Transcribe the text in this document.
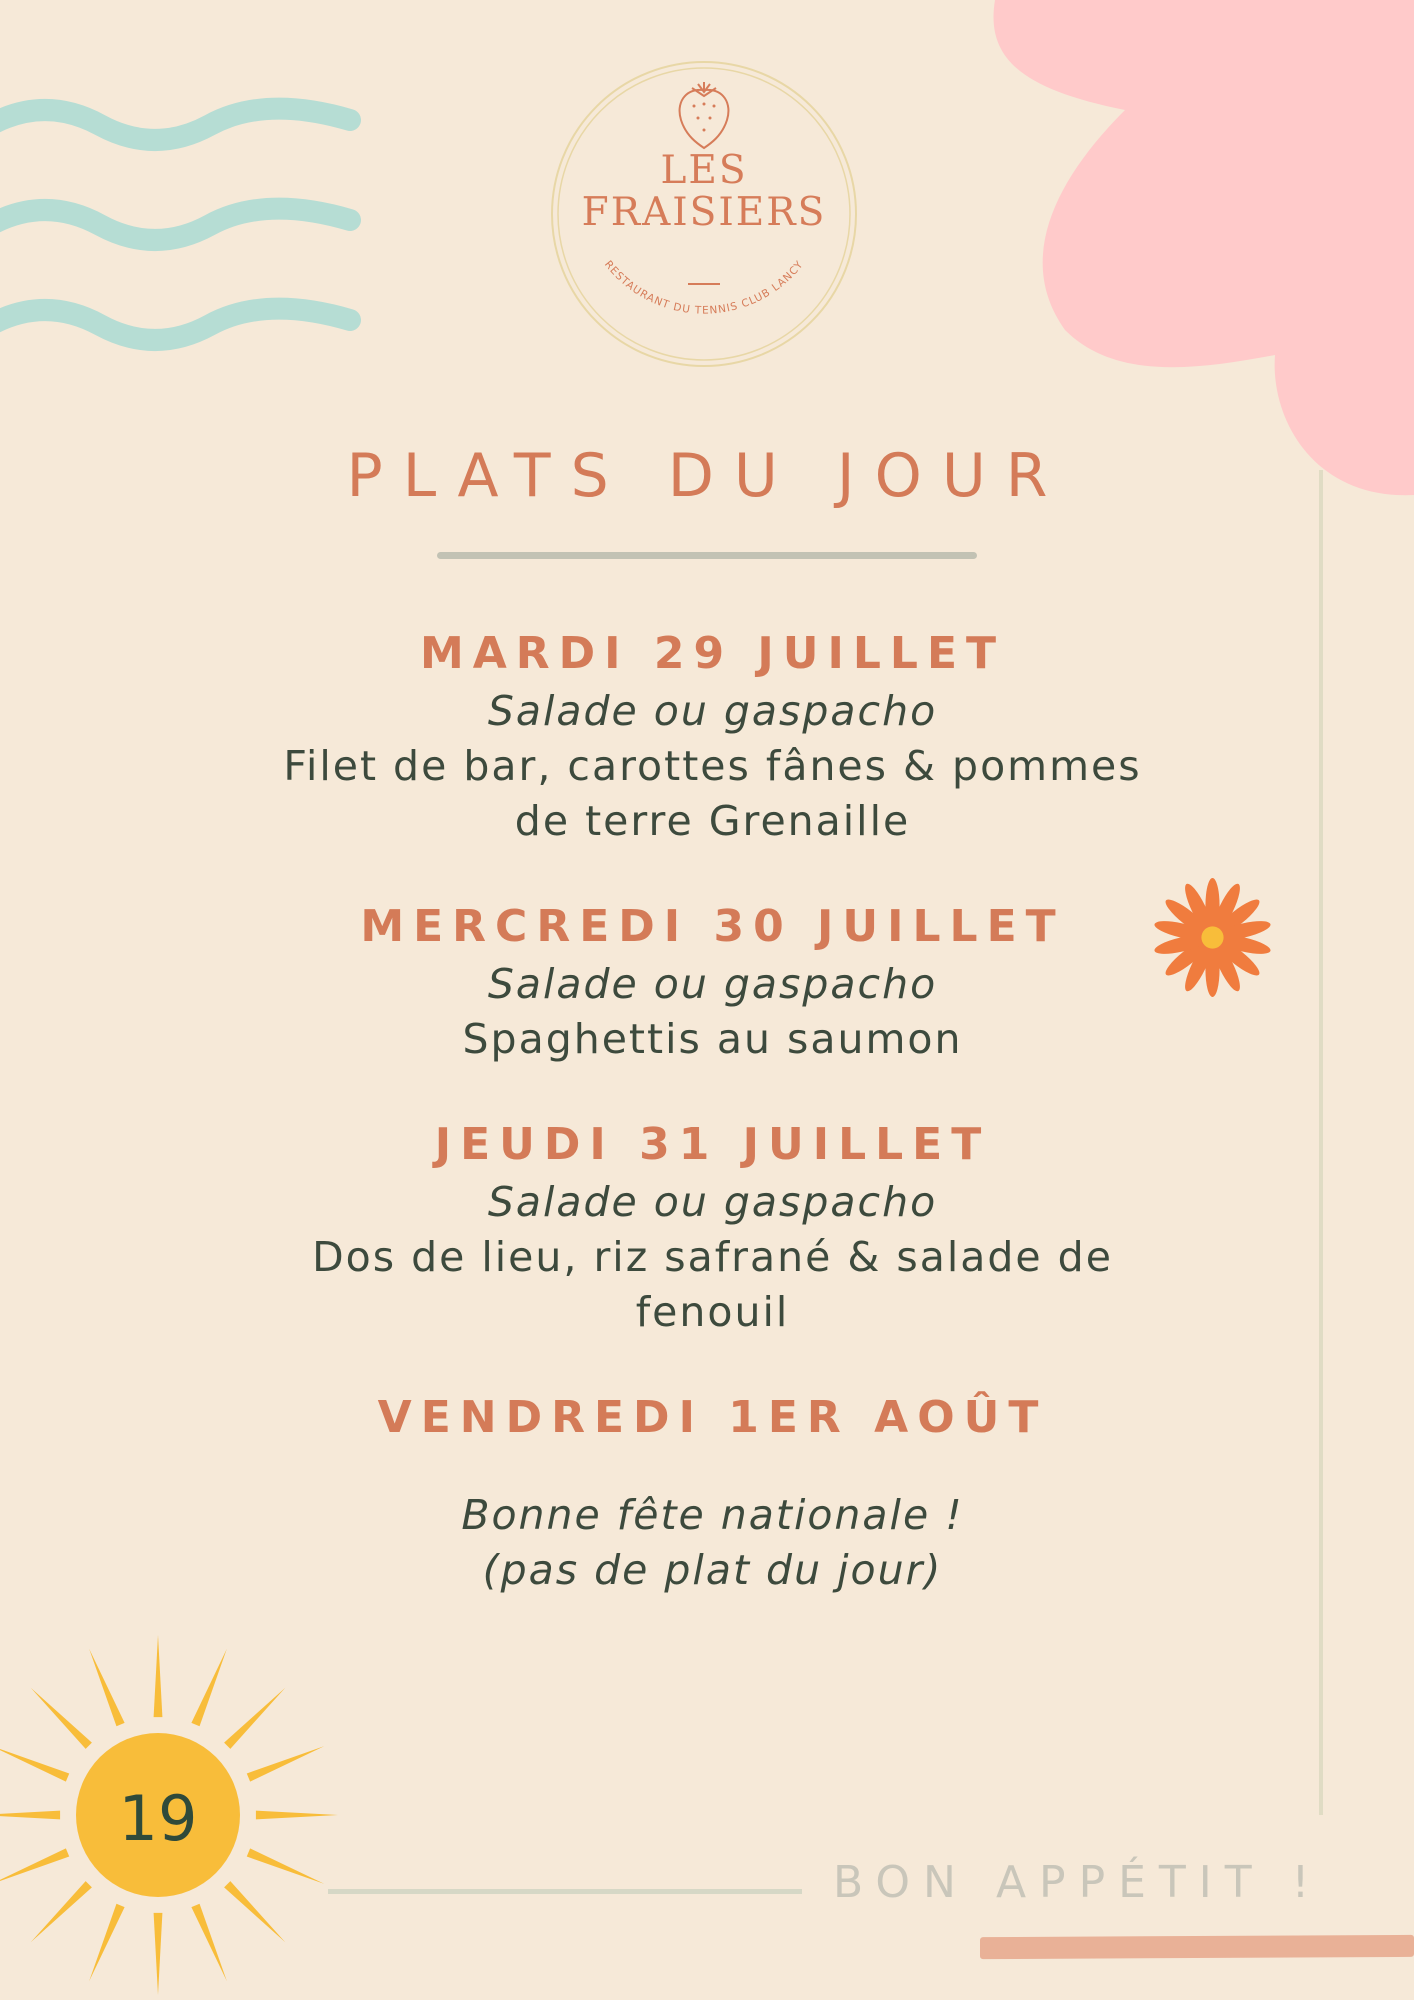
RESTAURANT DU TENNIS CLUB LANCY
LES
FRAISIERS
PLATS DU JOUR
MARDI 29 JUILLET
Salade ou gaspacho
Filet de bar, carottes fânes & pommes de terre Grenaille
MERCREDI 30 JUILLET
Salade ou gaspacho
Spaghettis au saumon
JEUDI 31 JUILLET
Salade ou gaspacho
Dos de lieu, riz safrané & salade de fenouil
VENDREDI 1ER AOÛT
Bonne fête nationale !
(pas de plat du jour)
19
BON APPÉTIT !
